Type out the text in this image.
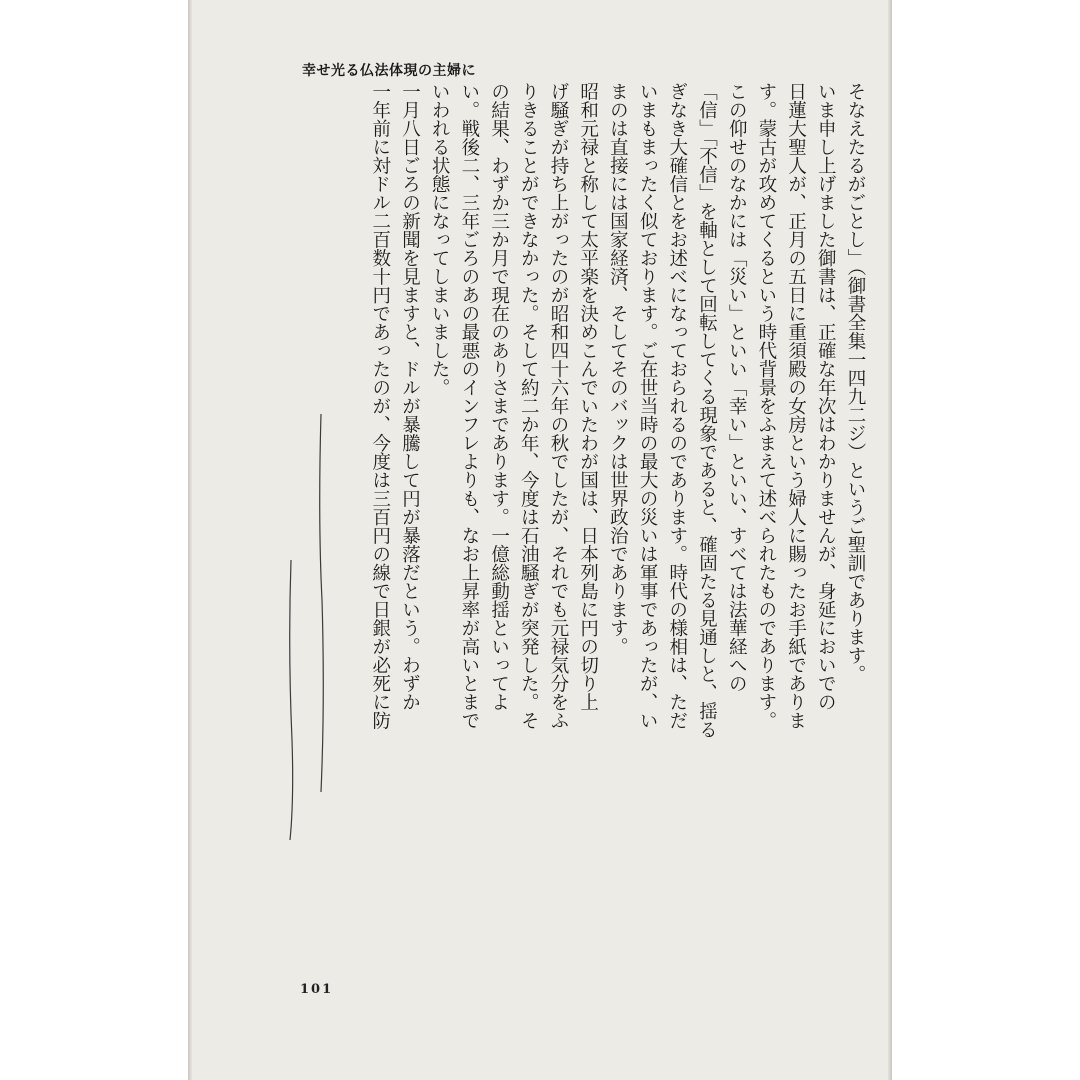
幸せ光る仏法体現の主婦に
そなえたるがごとし」（御書全集一四九二ジ）というご聖訓であります。
いま申し上げました御書は、正確な年次はわかりませんが、身延においでの
日蓮大聖人が、正月の五日に重須殿の女房という婦人に賜ったお手紙でありま
す。蒙古が攻めてくるという時代背景をふまえて述べられたものであります。
この仰せのなかには「災い」といい「幸い」といい、すべては法華経への
「信」「不信」を軸として回転してくる現象であると、確固たる見通しと、揺る
ぎなき大確信とをお述べになっておられるのであります。時代の様相は、ただ
いまもまったく似ております。ご在世当時の最大の災いは軍事であったが、い
まのは直接には国家経済、そしてそのバックは世界政治であります。
昭和元禄と称して太平楽を決めこんでいたわが国は、日本列島に円の切り上
げ騒ぎが持ち上がったのが昭和四十六年の秋でしたが、それでも元禄気分をふ
りきることができなかった。そして約二か年、今度は石油騒ぎが突発した。そ
の結果、わずか三か月で現在のありさまであります。一億総動揺といってよ
い。戦後二、三年ごろのあの最悪のインフレよりも、なお上昇率が高いとまで
いわれる状態になってしまいました。
一月八日ごろの新聞を見ますと、ドルが暴騰して円が暴落だという。わずか
一年前に対ドル二百数十円であったのが、今度は三百円の線で日銀が必死に防
101
